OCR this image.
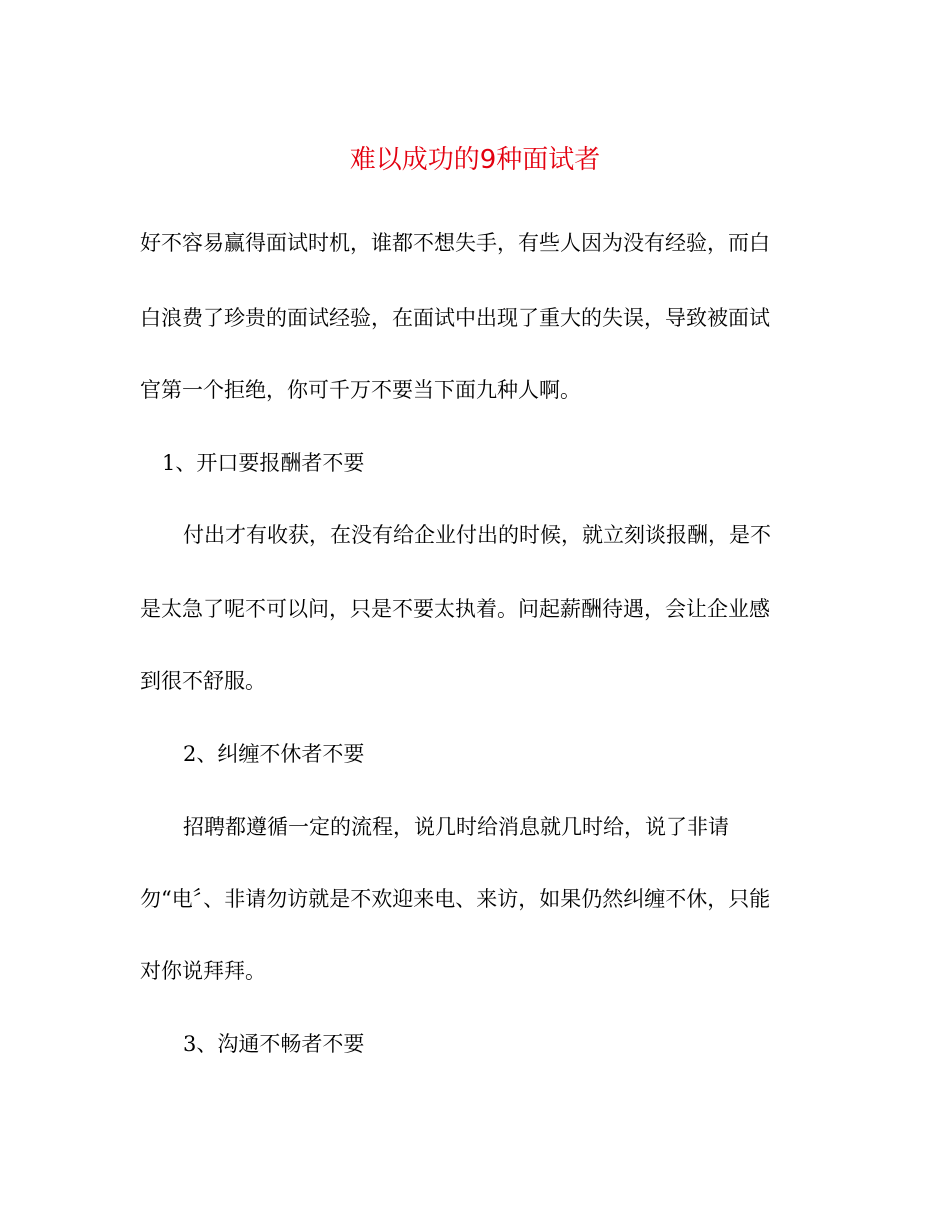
难以成功的9种面试者

好不容易赢得面试时机，谁都不想失手，有些人因为没有经验，而白

白浪费了珍贵的面试经验，在面试中出现了重大的失误，导致被面试

官第一个拒绝，你可千万不要当下面九种人啊。

1、开口要报酬者不要

付出才有收获，在没有给企业付出的时候，就立刻谈报酬，是不

是太急了呢不可以问，只是不要太执着。问起薪酬待遇，会让企业感

到很不舒服。

2、纠缠不休者不要

招聘都遵循一定的流程，说几时给消息就几时给，说了非请

勿“电〞、非请勿访就是不欢迎来电、来访，如果仍然纠缠不休，只能

对你说拜拜。

3、沟通不畅者不要
